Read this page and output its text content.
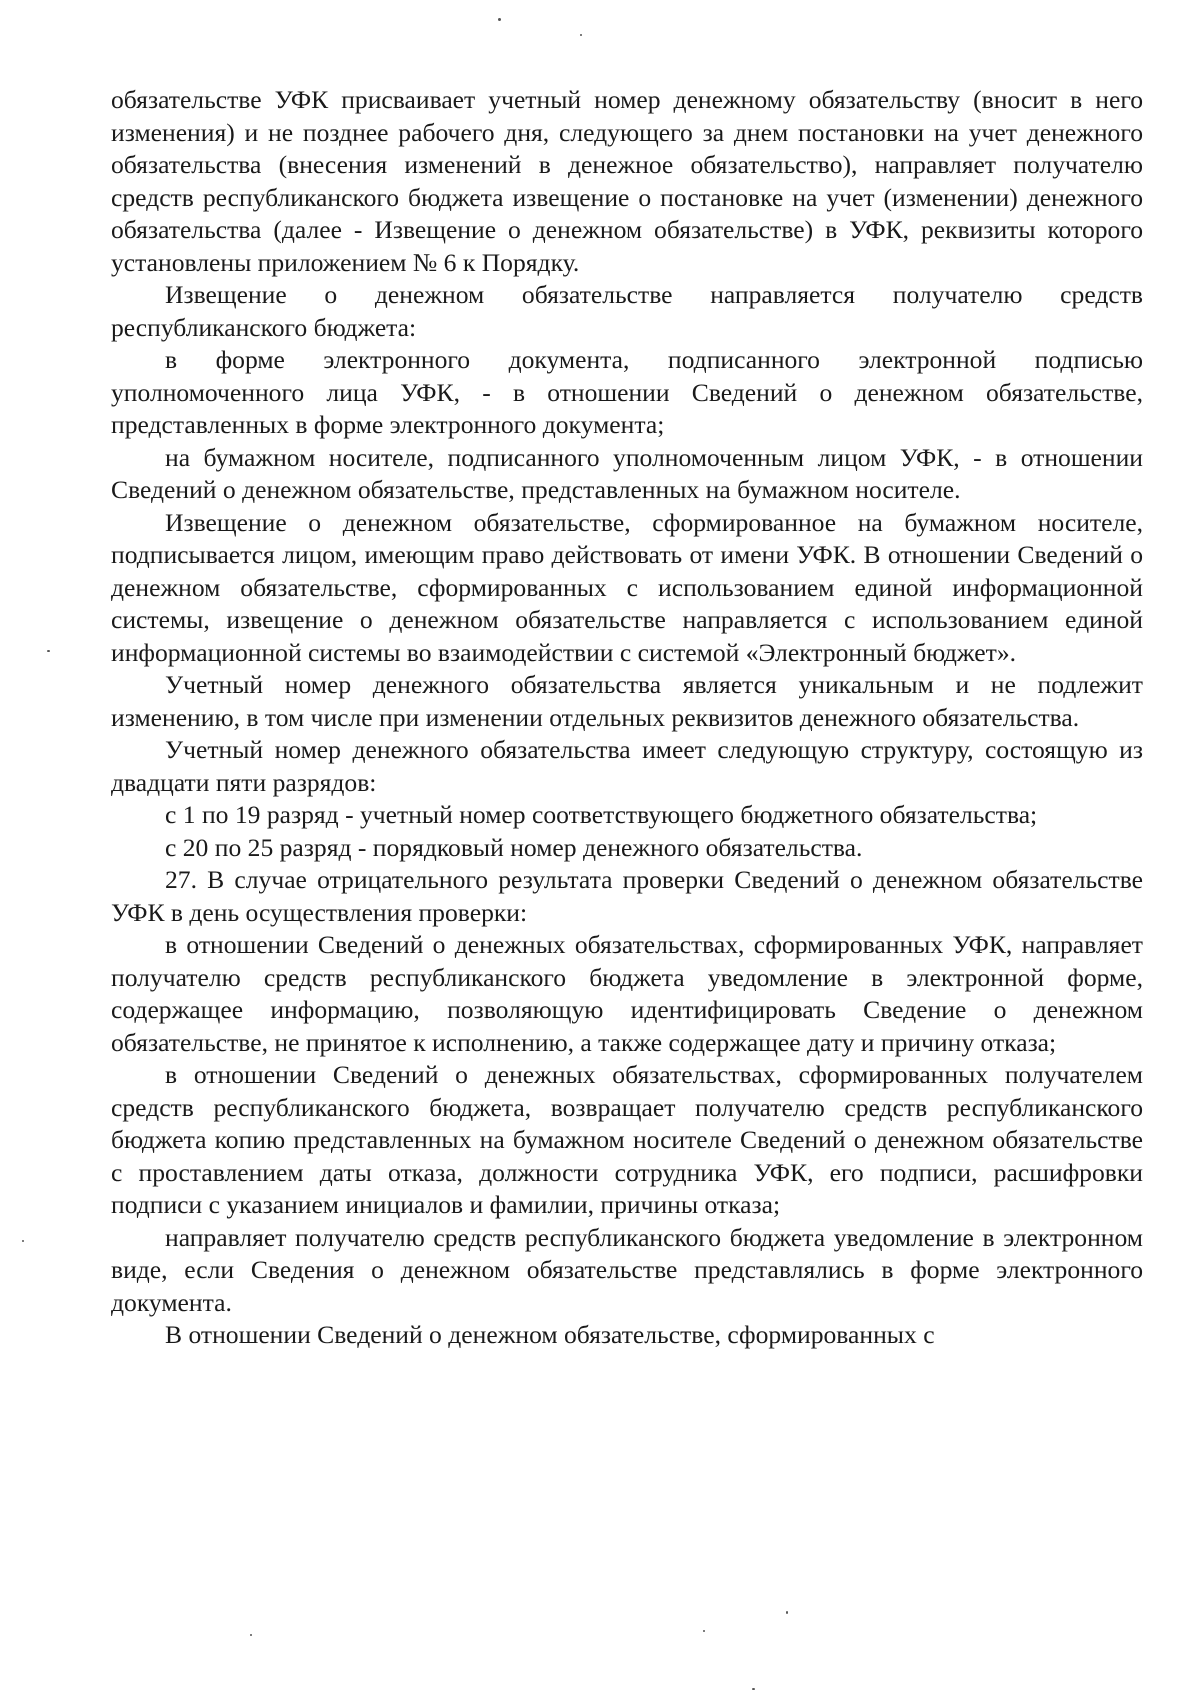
обязательстве УФК присваивает учетный номер денежному обязательству (вносит в него изменения) и не позднее рабочего дня, следующего за днем постановки на учет денежного обязательства (внесения изменений в денежное обязательство), направляет получателю средств республиканского бюджета извещение о постановке на учет (изменении) денежного обязательства (далее - Извещение о денежном обязательстве) в УФК, реквизиты которого установлены приложением № 6 к Порядку.

Извещение о денежном обязательстве направляется получателю средств республиканского бюджета:

в форме электронного документа, подписанного электронной подписью уполномоченного лица УФК, - в отношении Сведений о денежном обязательстве, представленных в форме электронного документа;

на бумажном носителе, подписанного уполномоченным лицом УФК, - в отношении Сведений о денежном обязательстве, представленных на бумажном носителе.

Извещение о денежном обязательстве, сформированное на бумажном носителе, подписывается лицом, имеющим право действовать от имени УФК. В отношении Сведений о денежном обязательстве, сформированных с использованием единой информационной системы, извещение о денежном обязательстве направляется с использованием единой информационной системы во взаимодействии с системой «Электронный бюджет».

Учетный номер денежного обязательства является уникальным и не подлежит изменению, в том числе при изменении отдельных реквизитов денежного обязательства.

Учетный номер денежного обязательства имеет следующую структуру, состоящую из двадцати пяти разрядов:

с 1 по 19 разряд - учетный номер соответствующего бюджетного обязательства;

с 20 по 25 разряд - порядковый номер денежного обязательства.

27. В случае отрицательного результата проверки Сведений о денежном обязательстве УФК в день осуществления проверки:

в отношении Сведений о денежных обязательствах, сформированных УФК, направляет получателю средств республиканского бюджета уведомление в электронной форме, содержащее информацию, позволяющую идентифицировать Сведение о денежном обязательстве, не принятое к исполнению, а также содержащее дату и причину отказа;

в отношении Сведений о денежных обязательствах, сформированных получателем средств республиканского бюджета, возвращает получателю средств республиканского бюджета копию представленных на бумажном носителе Сведений о денежном обязательстве с проставлением даты отказа, должности сотрудника УФК, его подписи, расшифровки подписи с указанием инициалов и фамилии, причины отказа;

направляет получателю средств республиканского бюджета уведомление в электронном виде, если Сведения о денежном обязательстве представлялись в форме электронного документа.

В отношении Сведений о денежном обязательстве, сформированных с
